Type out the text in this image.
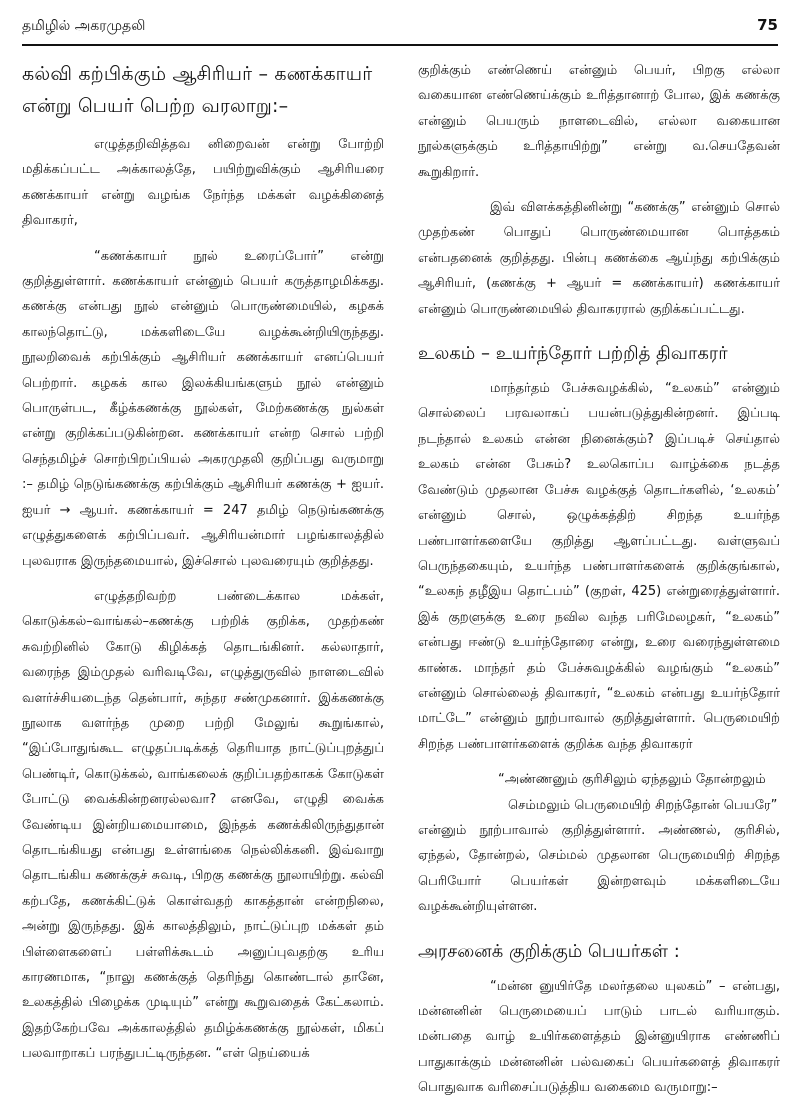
தமிழில் அகரமுதலி	75
கல்வி கற்பிக்கும் ஆசிரியர் – கணக்காயர் என்று பெயர் பெற்ற வரலாறு:–

எழுத்தறிவித்தவ னிறைவன் என்று போற்றி மதிக்கப்பட்ட அக்காலத்தே, பயிற்றுவிக்கும் ஆசிரியரை கணக்காயர் என்று வழங்க நேர்ந்த மக்கள் வழக்கினைத் திவாகரர்,

“கணக்காயர் நூல் உரைப்போர்” என்று குறித்துள்ளார். கணக்காயர் என்னும் பெயர் கருத்தாழமிக்கது. கணக்கு என்பது நூல் என்னும் பொருண்மையில், கழகக் காலந்தொட்டு, மக்களிடையே வழக்கூன்றியிருந்தது. நூலறிவைக் கற்பிக்கும் ஆசிரியர் கணக்காயர் எனப்பெயர் பெற்றார். கழகக் கால இலக்கியங்களும் நூல் என்னும் பொருள்பட, கீழ்க்கணக்கு நூல்கள், மேற்கணக்கு நுல்கள் என்று குறிக்கப்படுகின்றன. கணக்காயர் என்ற சொல் பற்றி செந்தமிழ்ச் சொற்பிறப்பியல் அகரமுதலி குறிப்பது வருமாறு :– தமிழ் நெடுங்கணக்கு கற்பிக்கும் ஆசிரியர் கணக்கு + ஐயர். ஐயர் → ஆயர். கணக்காயர் = 247 தமிழ் நெடுங்கணக்கு எழுத்துகளைக் கற்பிப்பவர். ஆசிரியன்மார் பழங்காலத்தில் புலவராக இருந்தமையால், இச்சொல் புலவரையும் குறித்தது.

எழுத்தறிவற்ற பண்டைக்கால மக்கள், கொடுக்கல்–வாங்கல்–கணக்கு பற்றிக் குறிக்க, முதற்கண் சுவற்றினில் கோடு கிழிக்கத் தொடங்கினர். கல்லாதார், வரைந்த இம்முதல் வரிவடிவே, எழுத்துருவில் நாளடைவில் வளர்ச்சியடைந்த தென்பார், சுந்தர சண்முகனார். இக்கணக்கு நூலாக வளர்ந்த முறை பற்றி மேலுங் கூறுங்கால், “இப்போதுங்கூட எழுதப்படிக்கத் தெரியாத நாட்டுப்புறத்துப் பெண்டிர், கொடுக்கல், வாங்கலைக் குறிப்பதற்காகக் கோடுகள் போட்டு வைக்கின்றனரல்லவா? எனவே, எழுதி வைக்க வேண்டிய இன்றியமையாமை, இந்தக் கணக்கிலிருந்துதான் தொடங்கியது என்பது உள்ளங்கை நெல்லிக்கனி. இவ்வாறு தொடங்கிய கணக்குச் சுவடி, பிறகு கணக்கு நூலாயிற்று. கல்வி கற்பதே, கணக்கிட்டுக் கொள்வதற் காகத்தான் என்றநிலை, அன்று இருந்தது. இக் காலத்திலும், நாட்டுப்புற மக்கள் தம் பிள்ளைகளைப் பள்ளிக்கூடம் அனுப்புவதற்கு உரிய காரணமாக, “நாலு கணக்குத் தெரிந்து கொண்டால் தானே, உலகத்தில் பிழைக்க முடியும்” என்று கூறுவதைக் கேட்கலாம். இதற்கேற்பவே அக்காலத்தில் தமிழ்க்கணக்கு நூல்கள், மிகப் பலவாறாகப் பரந்துபட்டிருந்தன. “எள் நெய்யைக்

குறிக்கும் எண்ணெய் என்னும் பெயர், பிறகு எல்லா வகையான எண்ணெய்க்கும் உரித்தானாற் போல, இக் கணக்கு என்னும் பெயரும் நாளடைவில், எல்லா வகையான நூல்களுக்கும் உரித்தாயிற்று” என்று வ.செயதேவன் கூறுகிறார்.

இவ் விளக்கத்தினின்று “கணக்கு” என்னும் சொல் முதற்கண் பொதுப் பொருண்மையான பொத்தகம் என்பதனைக் குறித்தது. பின்பு கணக்கை ஆய்ந்து கற்பிக்கும் ஆசிரியர், (கணக்கு + ஆயர் = கணக்காயர்) கணக்காயர் என்னும் பொருண்மையில் திவாகரரால் குறிக்கப்பட்டது.

உலகம் – உயர்ந்தோர் பற்றித் திவாகரர்

மாந்தர்தம் பேச்சுவழக்கில், “உலகம்” என்னும் சொல்லைப் பரவலாகப் பயன்படுத்துகின்றனர். இப்படி நடந்தால் உலகம் என்ன நினைக்கும்? இப்படிச் செய்தால் உலகம் என்ன பேசும்? உலகொப்ப வாழ்க்கை நடத்த வேண்டும் முதலான பேச்சு வழக்குத் தொடர்களில், ‘உலகம்’ என்னும் சொல், ஒழுக்கத்திற் சிறந்த உயர்ந்த பண்பாளர்களையே குறித்து ஆளப்பட்டது. வள்ளுவப் பெருந்தகையும், உயர்ந்த பண்பாளர்களைக் குறிக்குங்கால், “உலகந் தழீஇய தொட்பம்” (குறள், 425) என்றுரைத்துள்ளார். இக் குறளுக்கு உரை நவில வந்த பரிமேலழகர், “உலகம்” என்பது ஈண்டு உயர்ந்தோரை என்று, உரை வரைந்துள்ளமை காண்க. மாந்தர் தம் பேச்சுவழக்கில் வழங்கும் “உலகம்” என்னும் சொல்லைத் திவாகரர், “உலகம் என்பது உயர்ந்தோர் மாட்டே” என்னும் நூற்பாவால் குறித்துள்ளார். பெருமையிற் சிறந்த பண்பாளர்களைக் குறிக்க வந்த திவாகரர்

“அண்ணனும் குரிசிலும் ஏந்தலும் தோன்றலும்
செம்மலும் பெருமையிற் சிறந்தோன் பெயரே”

என்னும் நூற்பாவால் குறித்துள்ளார். அண்ணல், குரிசில், ஏந்தல், தோன்றல், செம்மல் முதலான பெருமையிற் சிறந்த பெரியோர் பெயர்கள் இன்றளவும் மக்களிடையே வழக்கூன்றியுள்ளன.

அரசனைக் குறிக்கும் பெயர்கள் :

“மன்ன னுயிர்தே மலர்தலை யுலகம்” – என்பது, மன்னனின் பெருமையைப் பாடும் பாடல் வரியாகும். மன்பதை வாழ் உயிர்களைத்தம் இன்னுயிராக எண்ணிப் பாதுகாக்கும் மன்னனின் பல்வகைப் பெயர்களைத் திவாகரர் பொதுவாக வரிசைப்படுத்திய வகைமை வருமாறு:–
